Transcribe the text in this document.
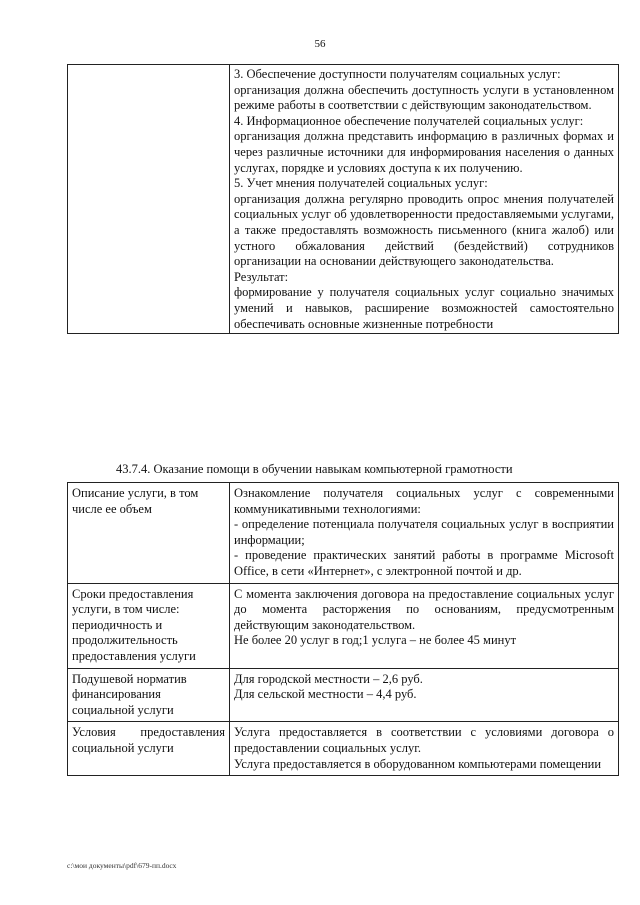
56

3. Обеспечение доступности получателям социальных услуг:

организация должна обеспечить доступность услуги в установленном режиме работы в соответствии с действующим законодательством.

4. Информационное обеспечение получателей социальных услуг:

организация должна представить информацию в различных формах и через различные источники для информирования населения о данных услугах, порядке и условиях доступа к их получению.

5. Учет мнения получателей социальных услуг:

организация должна регулярно проводить опрос мнения получателей социальных услуг об удовлетворенности предоставляемыми услугами, а также предоставлять возможность письменного (книга жалоб) или устного обжалования действий (бездействий) сотрудников организации на основании действующего законодательства.

Результат:

формирование у получателя социальных услуг социально значимых умений и навыков, расширение возможностей самостоятельно обеспечивать основные жизненные потребности

43.7.4. Оказание помощи в обучении навыкам компьютерной грамотности
Описание услуги, в том числе ее объем	Ознакомление получателя социальных услуг с современными коммуникативными технологиями:

- определение потенциала получателя социальных услуг в восприятии информации;

- проведение практических занятий работы в программе Microsoft Office, в сети «Интернет», с электронной почтой и др.

Сроки предоставления услуги, в том числе: периодичность и продолжительность предоставления услуги	С момента заключения договора на предоставление социальных услуг до момента расторжения по основаниям, предусмотренным действующим законодательством.

Не более 20 услуг в год;1 услуга – не более 45 минут

Подушевой норматив финансирования социальной услуги	Для городской местности – 2,6 руб.

Для сельской местности – 4,4 руб.

Условия предоставления социальной услуги	Услуга предоставляется в соответствии с условиями договора о предоставлении социальных услуг.

Услуга предоставляется в оборудованном компьютерами помещении

c:\мои документы\pdf\679-пп.docx
